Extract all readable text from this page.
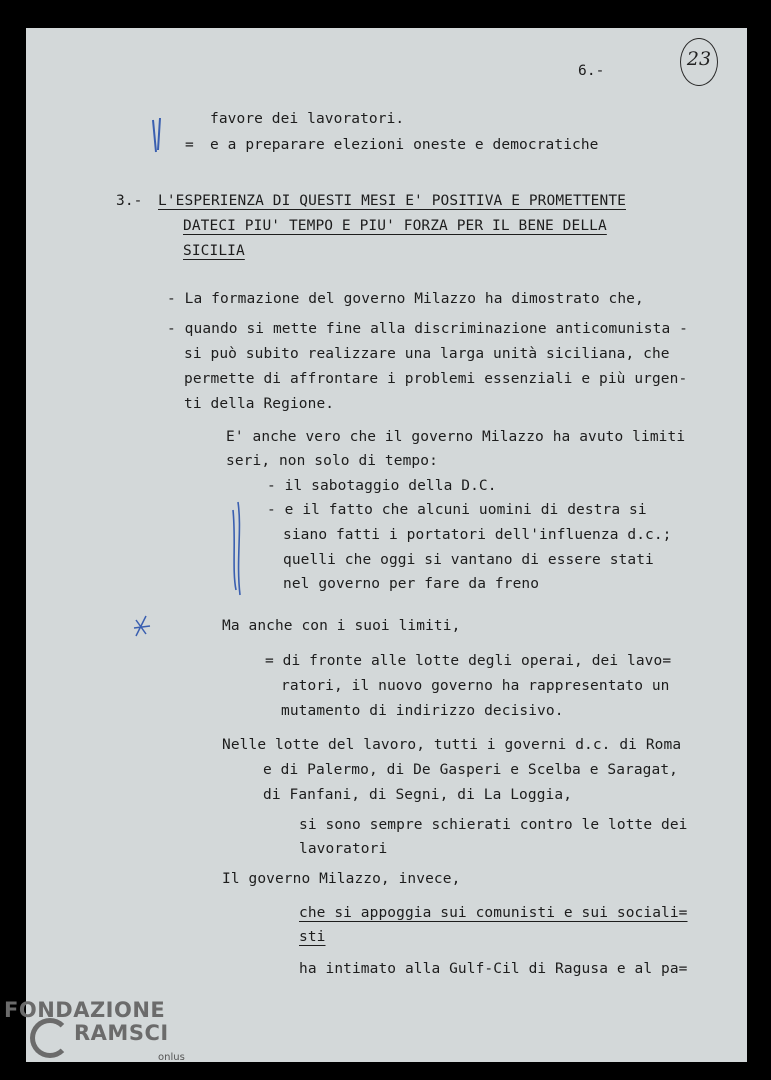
6.-
23
favore dei lavoratori.
= e a preparare elezioni oneste e democratiche
3.- L'ESPERIENZA DI QUESTI MESI E' POSITIVA E PROMETTENTE
DATECI PIU' TEMPO E PIU' FORZA PER IL BENE DELLA
SICILIA
- La formazione del governo Milazzo ha dimostrato che,
- quando si mette fine alla discriminazione anticomunista -
si può subito realizzare una larga unità siciliana, che
permette di affrontare i problemi essenziali e più urgen-
ti della Regione.
E' anche vero che il governo Milazzo ha avuto limiti
seri, non solo di tempo:
- il sabotaggio della D.C.
- e il fatto che alcuni uomini di destra si
siano fatti i portatori dell'influenza d.c.;
quelli che oggi si vantano di essere stati
nel governo per fare da freno
Ma anche con i suoi limiti,
= di fronte alle lotte degli operai, dei lavo=
ratori, il nuovo governo ha rappresentato un
mutamento di indirizzo decisivo.
Nelle lotte del lavoro, tutti i governi d.c. di Roma
e di Palermo, di De Gasperi e Scelba e Saragat,
di Fanfani, di Segni, di La Loggia,
si sono sempre schierati contro le lotte dei
lavoratori
Il governo Milazzo, invece,
che si appoggia sui comunisti e sui sociali=
sti
ha intimato alla Gulf-Cil di Ragusa e al pa=
FONDAZIONE
RAMSCI
onlus
